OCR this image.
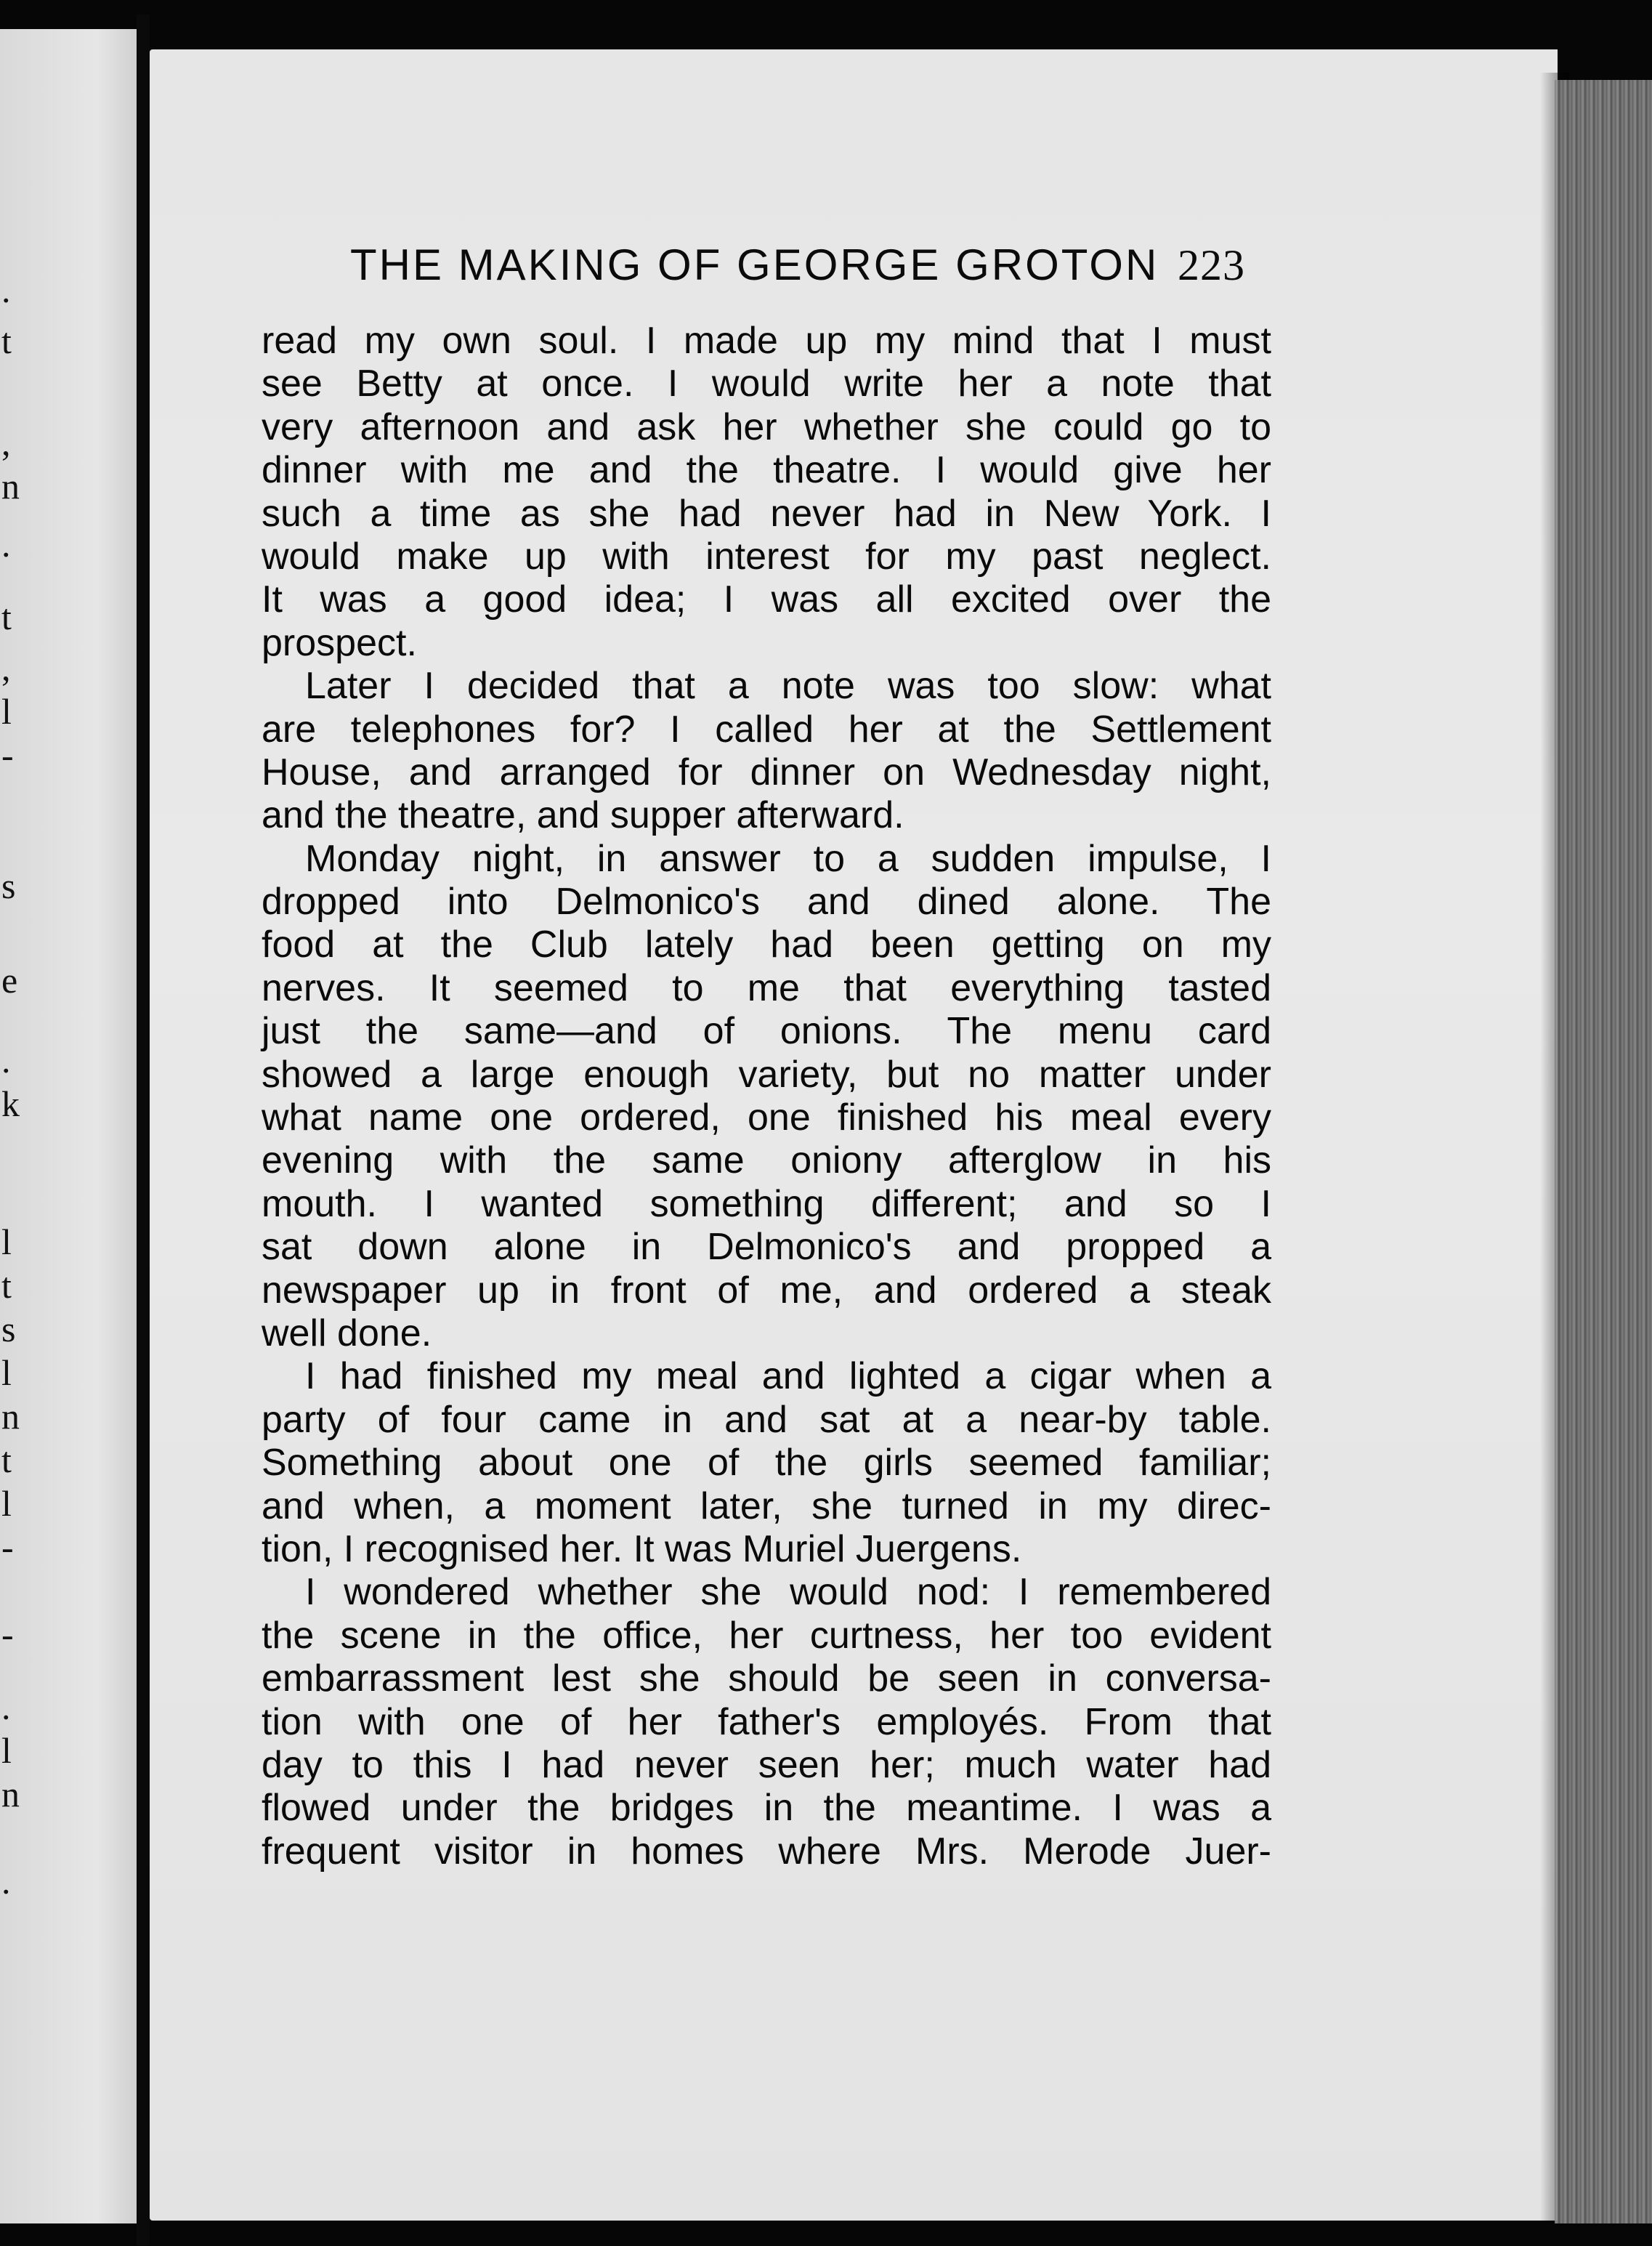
.
t
,
n
.
t
,
l
-
s
e
.
k
l
t
s
l
n
t
l
-
-
.
l
n
.
THE MAKING OF GEORGE GROTON 223
read my own soul. I made up my mind that I must
see Betty at once. I would write her a note that
very afternoon and ask her whether she could go to
dinner with me and the theatre. I would give her
such a time as she had never had in New York. I
would make up with interest for my past neglect.
It was a good idea; I was all excited over the
prospect.
Later I decided that a note was too slow: what
are telephones for? I called her at the Settlement
House, and arranged for dinner on Wednesday night,
and the theatre, and supper afterward.
Monday night, in answer to a sudden impulse, I
dropped into Delmonico's and dined alone. The
food at the Club lately had been getting on my
nerves. It seemed to me that everything tasted
just the same—and of onions. The menu card
showed a large enough variety, but no matter under
what name one ordered, one finished his meal every
evening with the same oniony afterglow in his
mouth. I wanted something different; and so I
sat down alone in Delmonico's and propped a
newspaper up in front of me, and ordered a steak
well done.
I had finished my meal and lighted a cigar when a
party of four came in and sat at a near-by table.
Something about one of the girls seemed familiar;
and when, a moment later, she turned in my direc-
tion, I recognised her. It was Muriel Juergens.
I wondered whether she would nod: I remembered
the scene in the office, her curtness, her too evident
embarrassment lest she should be seen in conversa-
tion with one of her father's employés. From that
day to this I had never seen her; much water had
flowed under the bridges in the meantime. I was a
frequent visitor in homes where Mrs. Merode Juer-
